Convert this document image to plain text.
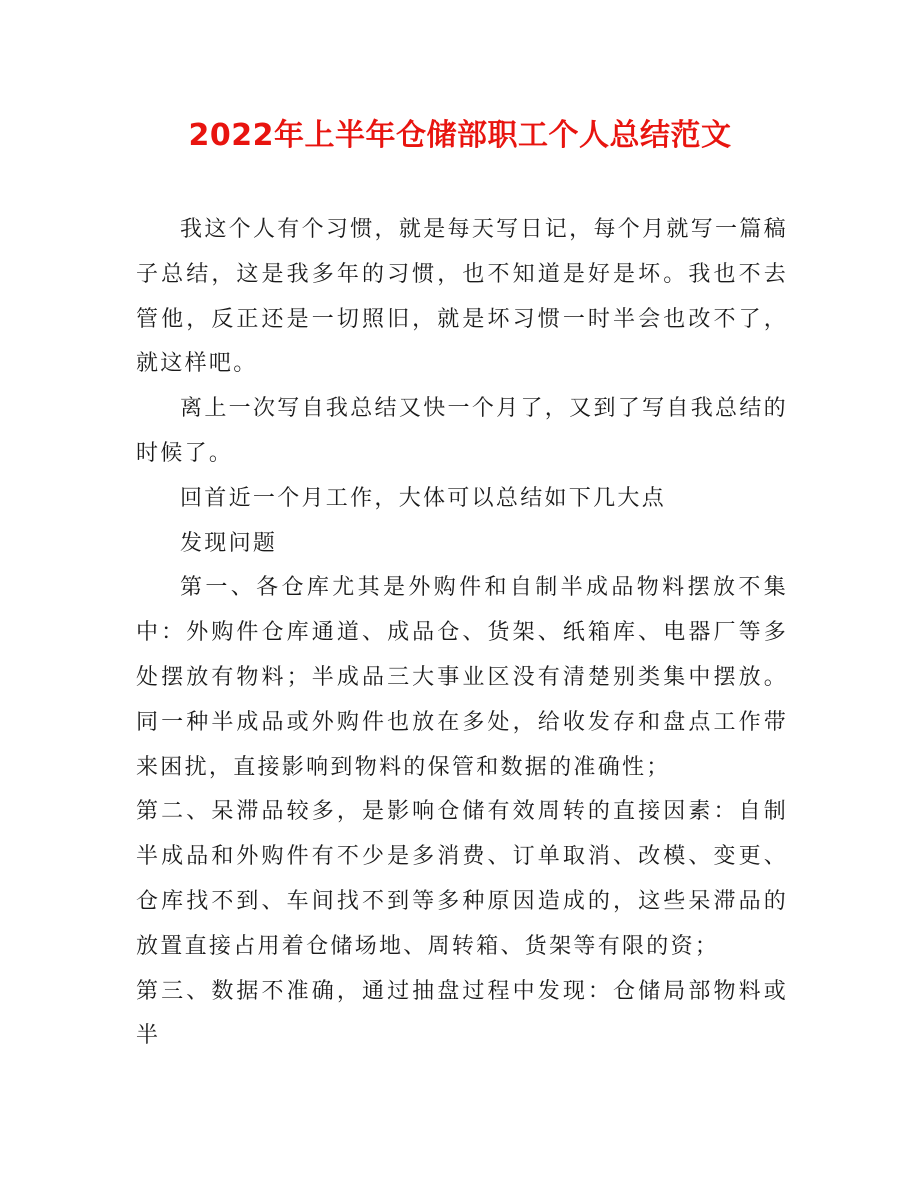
2022年上半年仓储部职工个人总结范文

我这个人有个习惯，就是每天写日记，每个月就写一篇稿子总结，这是我多年的习惯，也不知道是好是坏。我也不去管他，反正还是一切照旧，就是坏习惯一时半会也改不了，就这样吧。

离上一次写自我总结又快一个月了，又到了写自我总结的时候了。

回首近一个月工作，大体可以总结如下几大点

发现问题

第一、各仓库尤其是外购件和自制半成品物料摆放不集中：外购件仓库通道、成品仓、货架、纸箱库、电器厂等多处摆放有物料；半成品三大事业区没有清楚别类集中摆放。同一种半成品或外购件也放在多处，给收发存和盘点工作带来困扰，直接影响到物料的保管和数据的准确性；

第二、呆滞品较多，是影响仓储有效周转的直接因素：自制半成品和外购件有不少是多消费、订单取消、改模、变更、仓库找不到、车间找不到等多种原因造成的，这些呆滞品的放置直接占用着仓储场地、周转箱、货架等有限的资；

第三、数据不准确，通过抽盘过程中发现：仓储局部物料或半
